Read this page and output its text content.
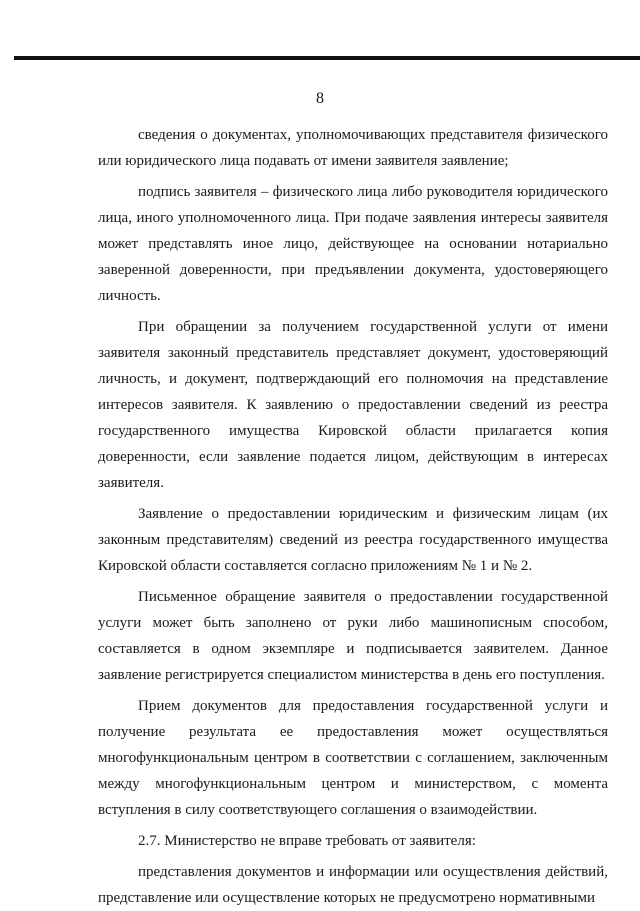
8

сведения о документах, уполномочивающих представителя физического или юридического лица подавать от имени заявителя заявление;

подпись заявителя – физического лица либо руководителя юридического лица, иного уполномоченного лица. При подаче заявления интересы заявителя может представлять иное лицо, действующее на основании нотариально заверенной доверенности, при предъявлении документа, удостоверяющего личность.

При обращении за получением государственной услуги от имени заявителя законный представитель представляет документ, удостоверяющий личность, и документ, подтверждающий его полномочия на представление интересов заявителя. К заявлению о предоставлении сведений из реестра государственного имущества Кировской области прилагается копия доверенности, если заявление подается лицом, действующим в интересах заявителя.

Заявление о предоставлении юридическим и физическим лицам (их законным представителям) сведений из реестра государственного имущества Кировской области составляется согласно приложениям № 1 и № 2.

Письменное обращение заявителя о предоставлении государственной услуги может быть заполнено от руки либо машинописным способом, составляется в одном экземпляре и подписывается заявителем. Данное заявление регистрируется специалистом министерства в день его поступления.

Прием документов для предоставления государственной услуги и получение результата ее предоставления может осуществляться многофункциональным центром в соответствии с соглашением, заключенным между многофункциональным центром и министерством, с момента вступления в силу соответствующего соглашения о взаимодействии.

2.7. Министерство не вправе требовать от заявителя:

представления документов и информации или осуществления действий, представление или осуществление которых не предусмотрено нормативными
